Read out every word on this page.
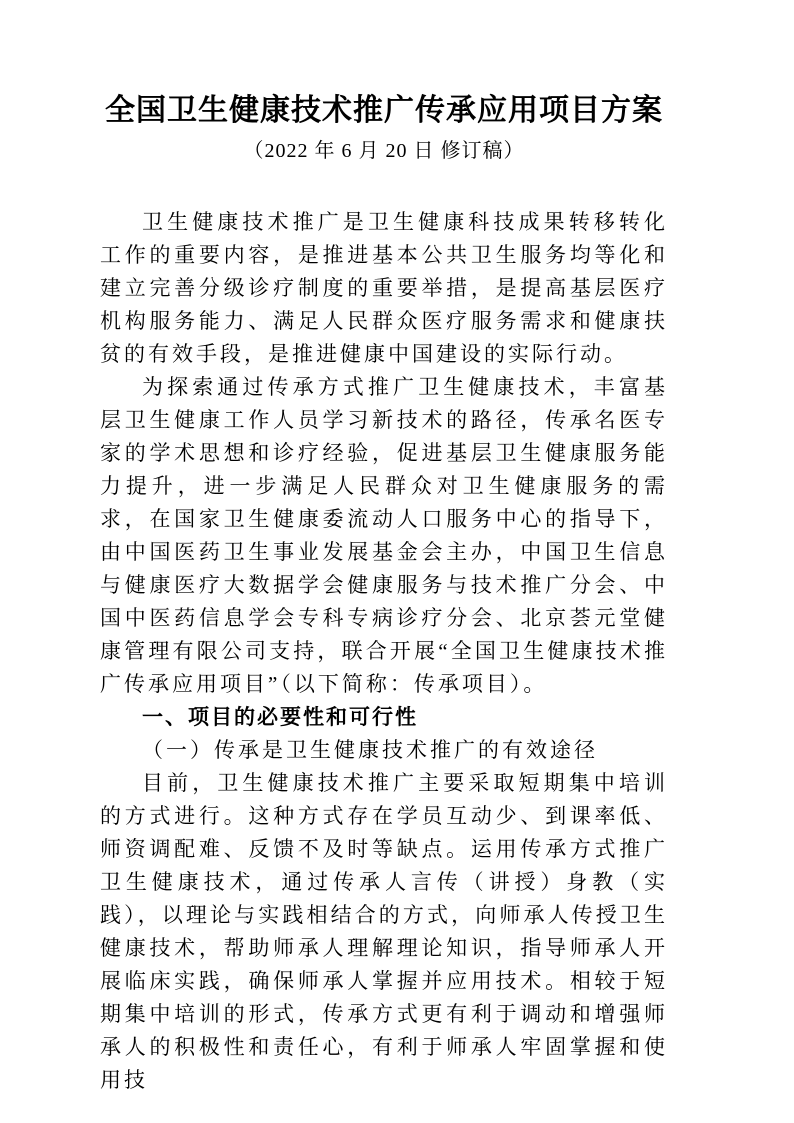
全国卫生健康技术推广传承应用项目方案
（2022 年 6 月 20 日 修订稿）

卫生健康技术推广是卫生健康科技成果转移转化工作的重要内容，是推进基本公共卫生服务均等化和建立完善分级诊疗制度的重要举措，是提高基层医疗机构服务能力、满足人民群众医疗服务需求和健康扶贫的有效手段，是推进健康中国建设的实际行动。

为探索通过传承方式推广卫生健康技术，丰富基层卫生健康工作人员学习新技术的路径，传承名医专家的学术思想和诊疗经验，促进基层卫生健康服务能力提升，进一步满足人民群众对卫生健康服务的需求，在国家卫生健康委流动人口服务中心的指导下，由中国医药卫生事业发展基金会主办，中国卫生信息与健康医疗大数据学会健康服务与技术推广分会、中国中医药信息学会专科专病诊疗分会、北京荟元堂健康管理有限公司支持，联合开展“全国卫生健康技术推广传承应用项目”（以下简称：传承项目）。

一、项目的必要性和可行性

（一）传承是卫生健康技术推广的有效途径

目前，卫生健康技术推广主要采取短期集中培训的方式进行。这种方式存在学员互动少、到课率低、师资调配难、反馈不及时等缺点。运用传承方式推广卫生健康技术，通过传承人言传（讲授）身教（实践），以理论与实践相结合的方式，向师承人传授卫生健康技术，帮助师承人理解理论知识，指导师承人开展临床实践，确保师承人掌握并应用技术。相较于短期集中培训的形式，传承方式更有利于调动和增强师承人的积极性和责任心，有利于师承人牢固掌握和使用技
